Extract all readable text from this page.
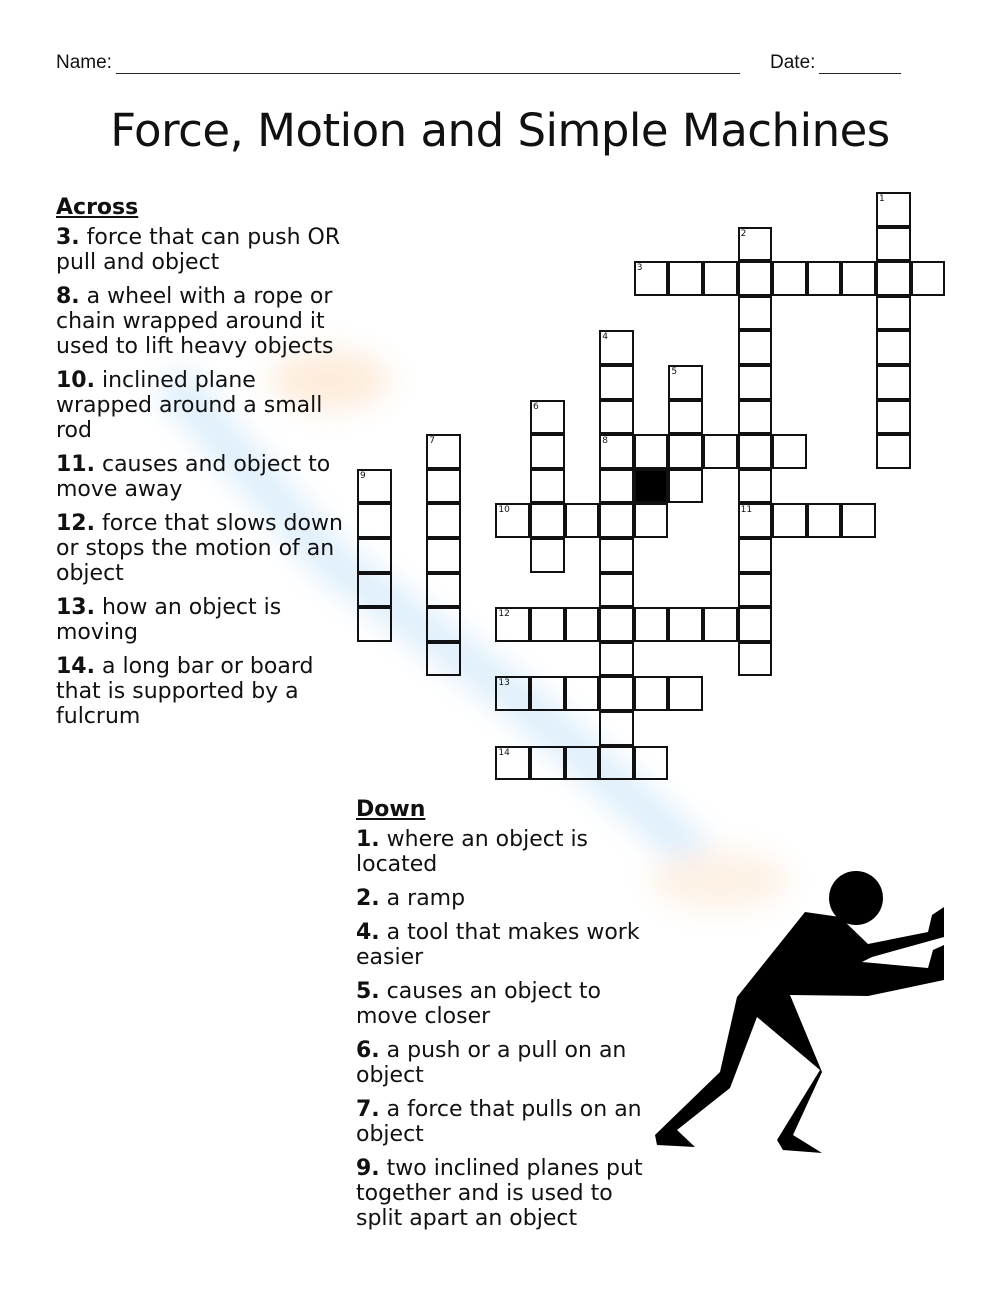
Name:	Date:
Force, Motion and Simple Machines
Across
3. force that can push OR pull and object
8. a wheel with a rope or chain wrapped around it used to lift heavy objects
10. inclined plane wrapped around a small rod
11. causes and object to move away
12. force that slows down or stops the motion of an object
13. how an object is moving
14. a long bar or board that is supported by a fulcrum
Down
1. where an object is located
2. a ramp
4. a tool that makes work easier
5. causes an object to move closer
6. a push or a pull on an object
7. a force that pulls on an object
9. two inclined planes put together and is used to split apart an object
1
2
11
3
4
8
5
6
7
9
10
12
13
14
